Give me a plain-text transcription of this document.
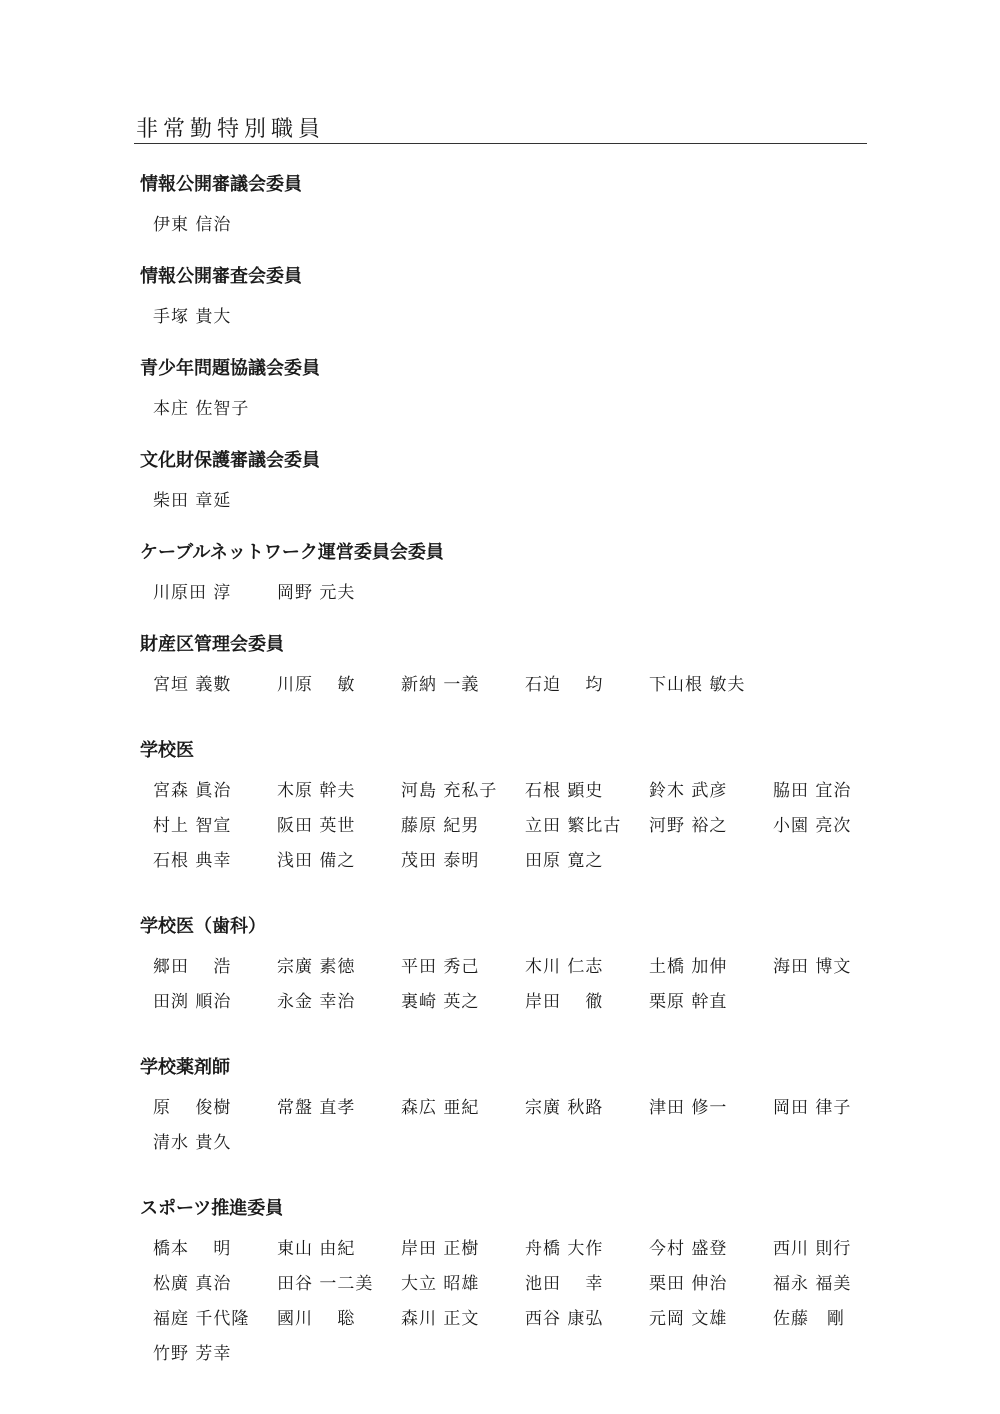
非常勤特別職員
情報公開審議会委員
伊東 信治
情報公開審査会委員
手塚 貴大
青少年問題協議会委員
本庄 佐智子
文化財保護審議会委員
柴田 章延
ケーブルネットワーク運営委員会委員
川原田 淳	岡野 元夫
財産区管理会委員
宮垣 義數	川原　 敏	新納 一義	石迫　 均	下山根 敏夫
学校医
宮森 眞治	木原 幹夫	河島 充私子	石根 顕史	鈴木 武彦	脇田 宜治
村上 智宣	阪田 英世	藤原 紀男	立田 繁比古	河野 裕之	小園 亮次
石根 典幸	浅田 備之	茂田 泰明	田原 寛之
学校医（歯科）
郷田　 浩	宗廣 素徳	平田 秀己	木川 仁志	土橋 加伸	海田 博文
田渕 順治	永金 幸治	裏崎 英之	岸田　 徹	栗原 幹直
学校薬剤師
原　 俊樹	常盤 直孝	森広 亜紀	宗廣 秋路	津田 修一	岡田 律子
清水 貴久
スポーツ推進委員
橋本　 明	東山 由紀	岸田 正樹	舟橋 大作	今村 盛登	西川 則行
松廣 真治	田谷 一二美	大立 昭雄	池田　 幸	栗田 伸治	福永 福美
福庭 千代隆	國川　 聡	森川 正文	西谷 康弘	元岡 文雄	佐藤　剛
竹野 芳幸
